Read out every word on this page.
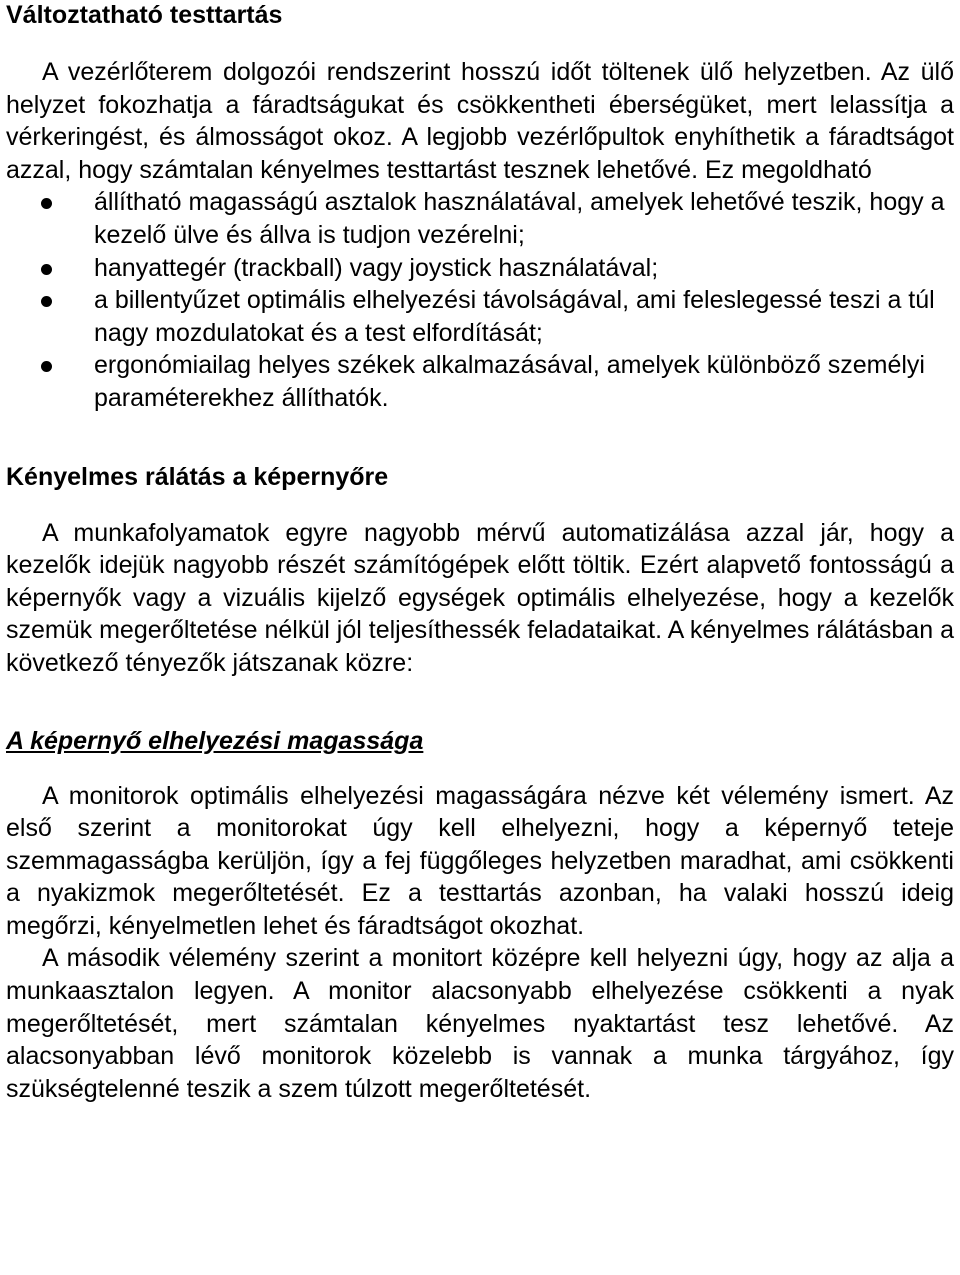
Változtatható testtartás

A vezérlőterem dolgozói rendszerint hosszú időt töltenek ülő helyzetben. Az ülő helyzet fokozhatja a fáradtságukat és csökkentheti éberségüket, mert lelassítja a vérkeringést, és álmosságot okoz. A legjobb vezérlőpultok enyhíthetik a fáradtságot azzal, hogy számtalan kényelmes testtartást tesznek lehetővé. Ez megoldható

állítható magasságú asztalok használatával, amelyek lehetővé teszik, hogy a kezelő ülve és állva is tudjon vezérelni;
hanyattegér (trackball) vagy joystick használatával;
a billentyűzet optimális elhelyezési távolságával, ami feleslegessé teszi a túl nagy mozdulatokat és a test elfordítását;
ergonómiailag helyes székek alkalmazásával, amelyek különböző személyi paraméterekhez állíthatók.
Kényelmes rálátás a képernyőre

A munkafolyamatok egyre nagyobb mérvű automatizálása azzal jár, hogy a kezelők idejük nagyobb részét számítógépek előtt töltik. Ezért alapvető fontosságú a képernyők vagy a vizuális kijelző egységek optimális elhelyezése, hogy a kezelők szemük megerőltetése nélkül jól teljesíthessék feladataikat. A kényelmes rálátásban a következő tényezők játszanak közre:

A képernyő elhelyezési magassága

A monitorok optimális elhelyezési magasságára nézve két vélemény ismert. Az első szerint a monitorokat úgy kell elhelyezni, hogy a képernyő teteje szemmagasságba kerüljön, így a fej függőleges helyzetben maradhat, ami csökkenti a nyakizmok megerőltetését. Ez a testtartás azonban, ha valaki hosszú ideig megőrzi, kényelmetlen lehet és fáradtságot okozhat.

A második vélemény szerint a monitort középre kell helyezni úgy, hogy az alja a munkaasztalon legyen. A monitor alacsonyabb elhelyezése csökkenti a nyak megerőltetését, mert számtalan kényelmes nyaktartást tesz lehetővé. Az alacsonyabban lévő monitorok közelebb is vannak a munka tárgyához, így szükségtelenné teszik a szem túlzott megerőltetését.
